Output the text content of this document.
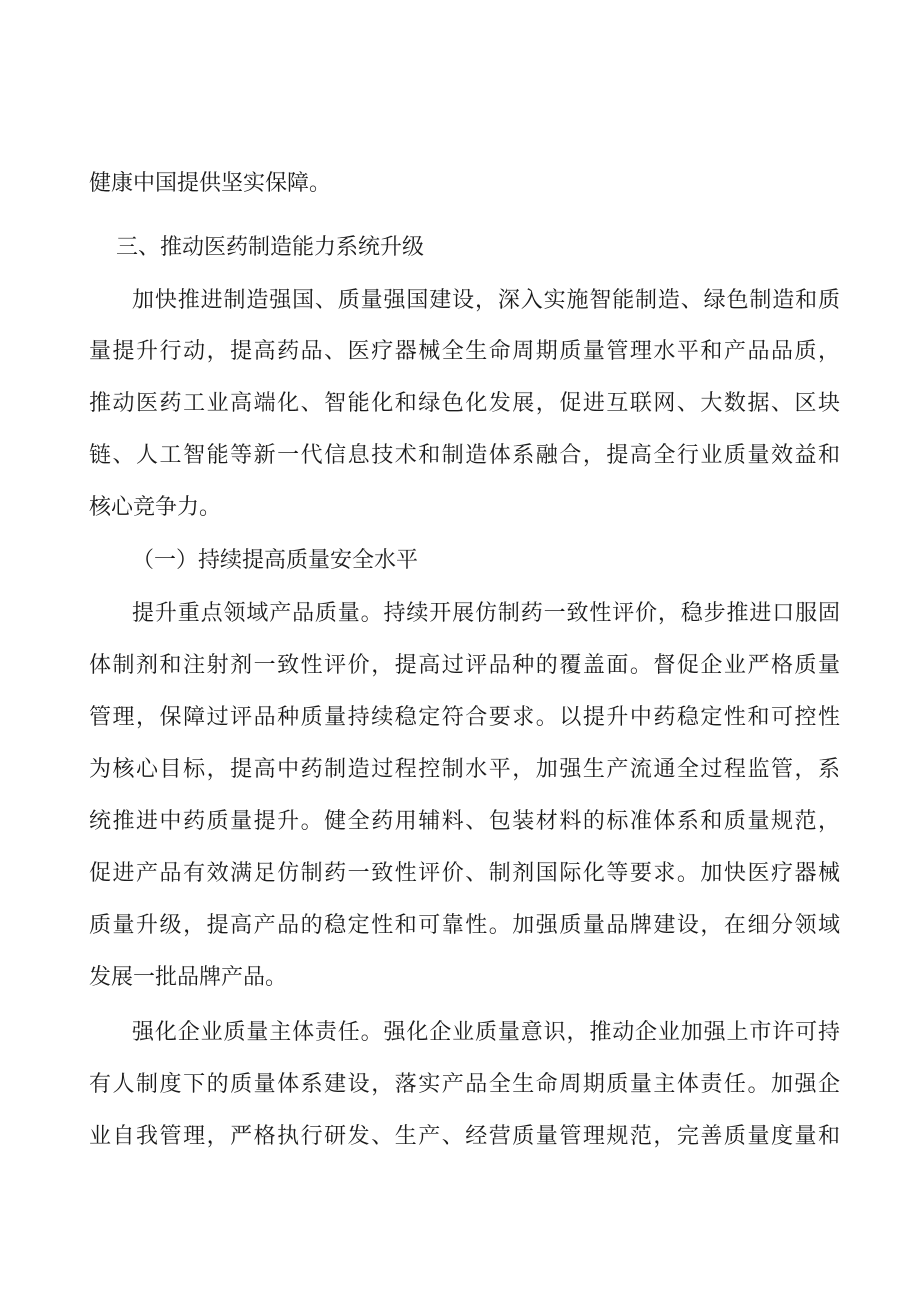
健康中国提供坚实保障。
三、推动医药制造能力系统升级
加快推进制造强国、质量强国建设，深入实施智能制造、绿色制造和质
量提升行动，提高药品、医疗器械全生命周期质量管理水平和产品品质，
推动医药工业高端化、智能化和绿色化发展，促进互联网、大数据、区块
链、人工智能等新一代信息技术和制造体系融合，提高全行业质量效益和
核心竞争力。
（一）持续提高质量安全水平
提升重点领域产品质量。持续开展仿制药一致性评价，稳步推进口服固
体制剂和注射剂一致性评价，提高过评品种的覆盖面。督促企业严格质量
管理，保障过评品种质量持续稳定符合要求。以提升中药稳定性和可控性
为核心目标，提高中药制造过程控制水平，加强生产流通全过程监管，系
统推进中药质量提升。健全药用辅料、包装材料的标准体系和质量规范，
促进产品有效满足仿制药一致性评价、制剂国际化等要求。加快医疗器械
质量升级，提高产品的稳定性和可靠性。加强质量品牌建设，在细分领域
发展一批品牌产品。
强化企业质量主体责任。强化企业质量意识，推动企业加强上市许可持
有人制度下的质量体系建设，落实产品全生命周期质量主体责任。加强企
业自我管理，严格执行研发、生产、经营质量管理规范，完善质量度量和
